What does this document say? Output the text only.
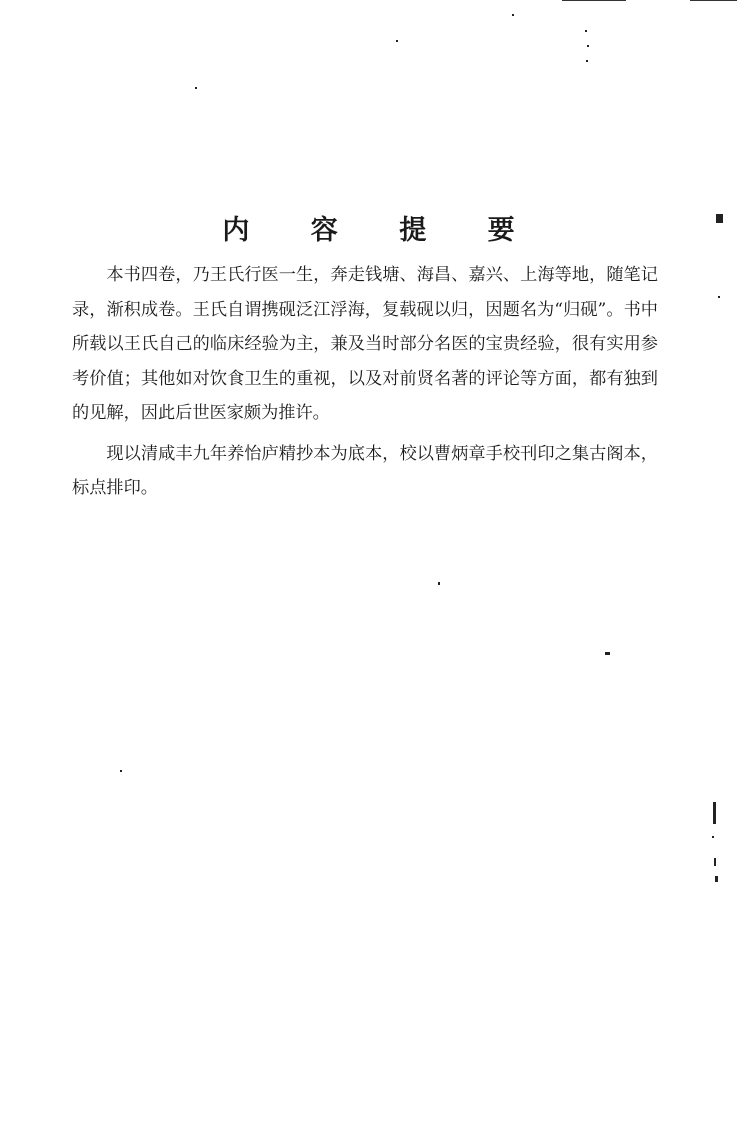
内 容 提 要

本书四卷，乃王氏行医一生，奔走钱塘、海昌、嘉兴、上海等地，随笔记录，渐积成卷。王氏自谓携砚泛江浮海，复载砚以归，因题名为“归砚”。书中所载以王氏自己的临床经验为主，兼及当时部分名医的宝贵经验，很有实用参考价值；其他如对饮食卫生的重视，以及对前贤名著的评论等方面，都有独到的见解，因此后世医家颇为推许。

现以清咸丰九年养怡庐精抄本为底本，校以曹炳章手校刊印之集古阁本，标点排印。
